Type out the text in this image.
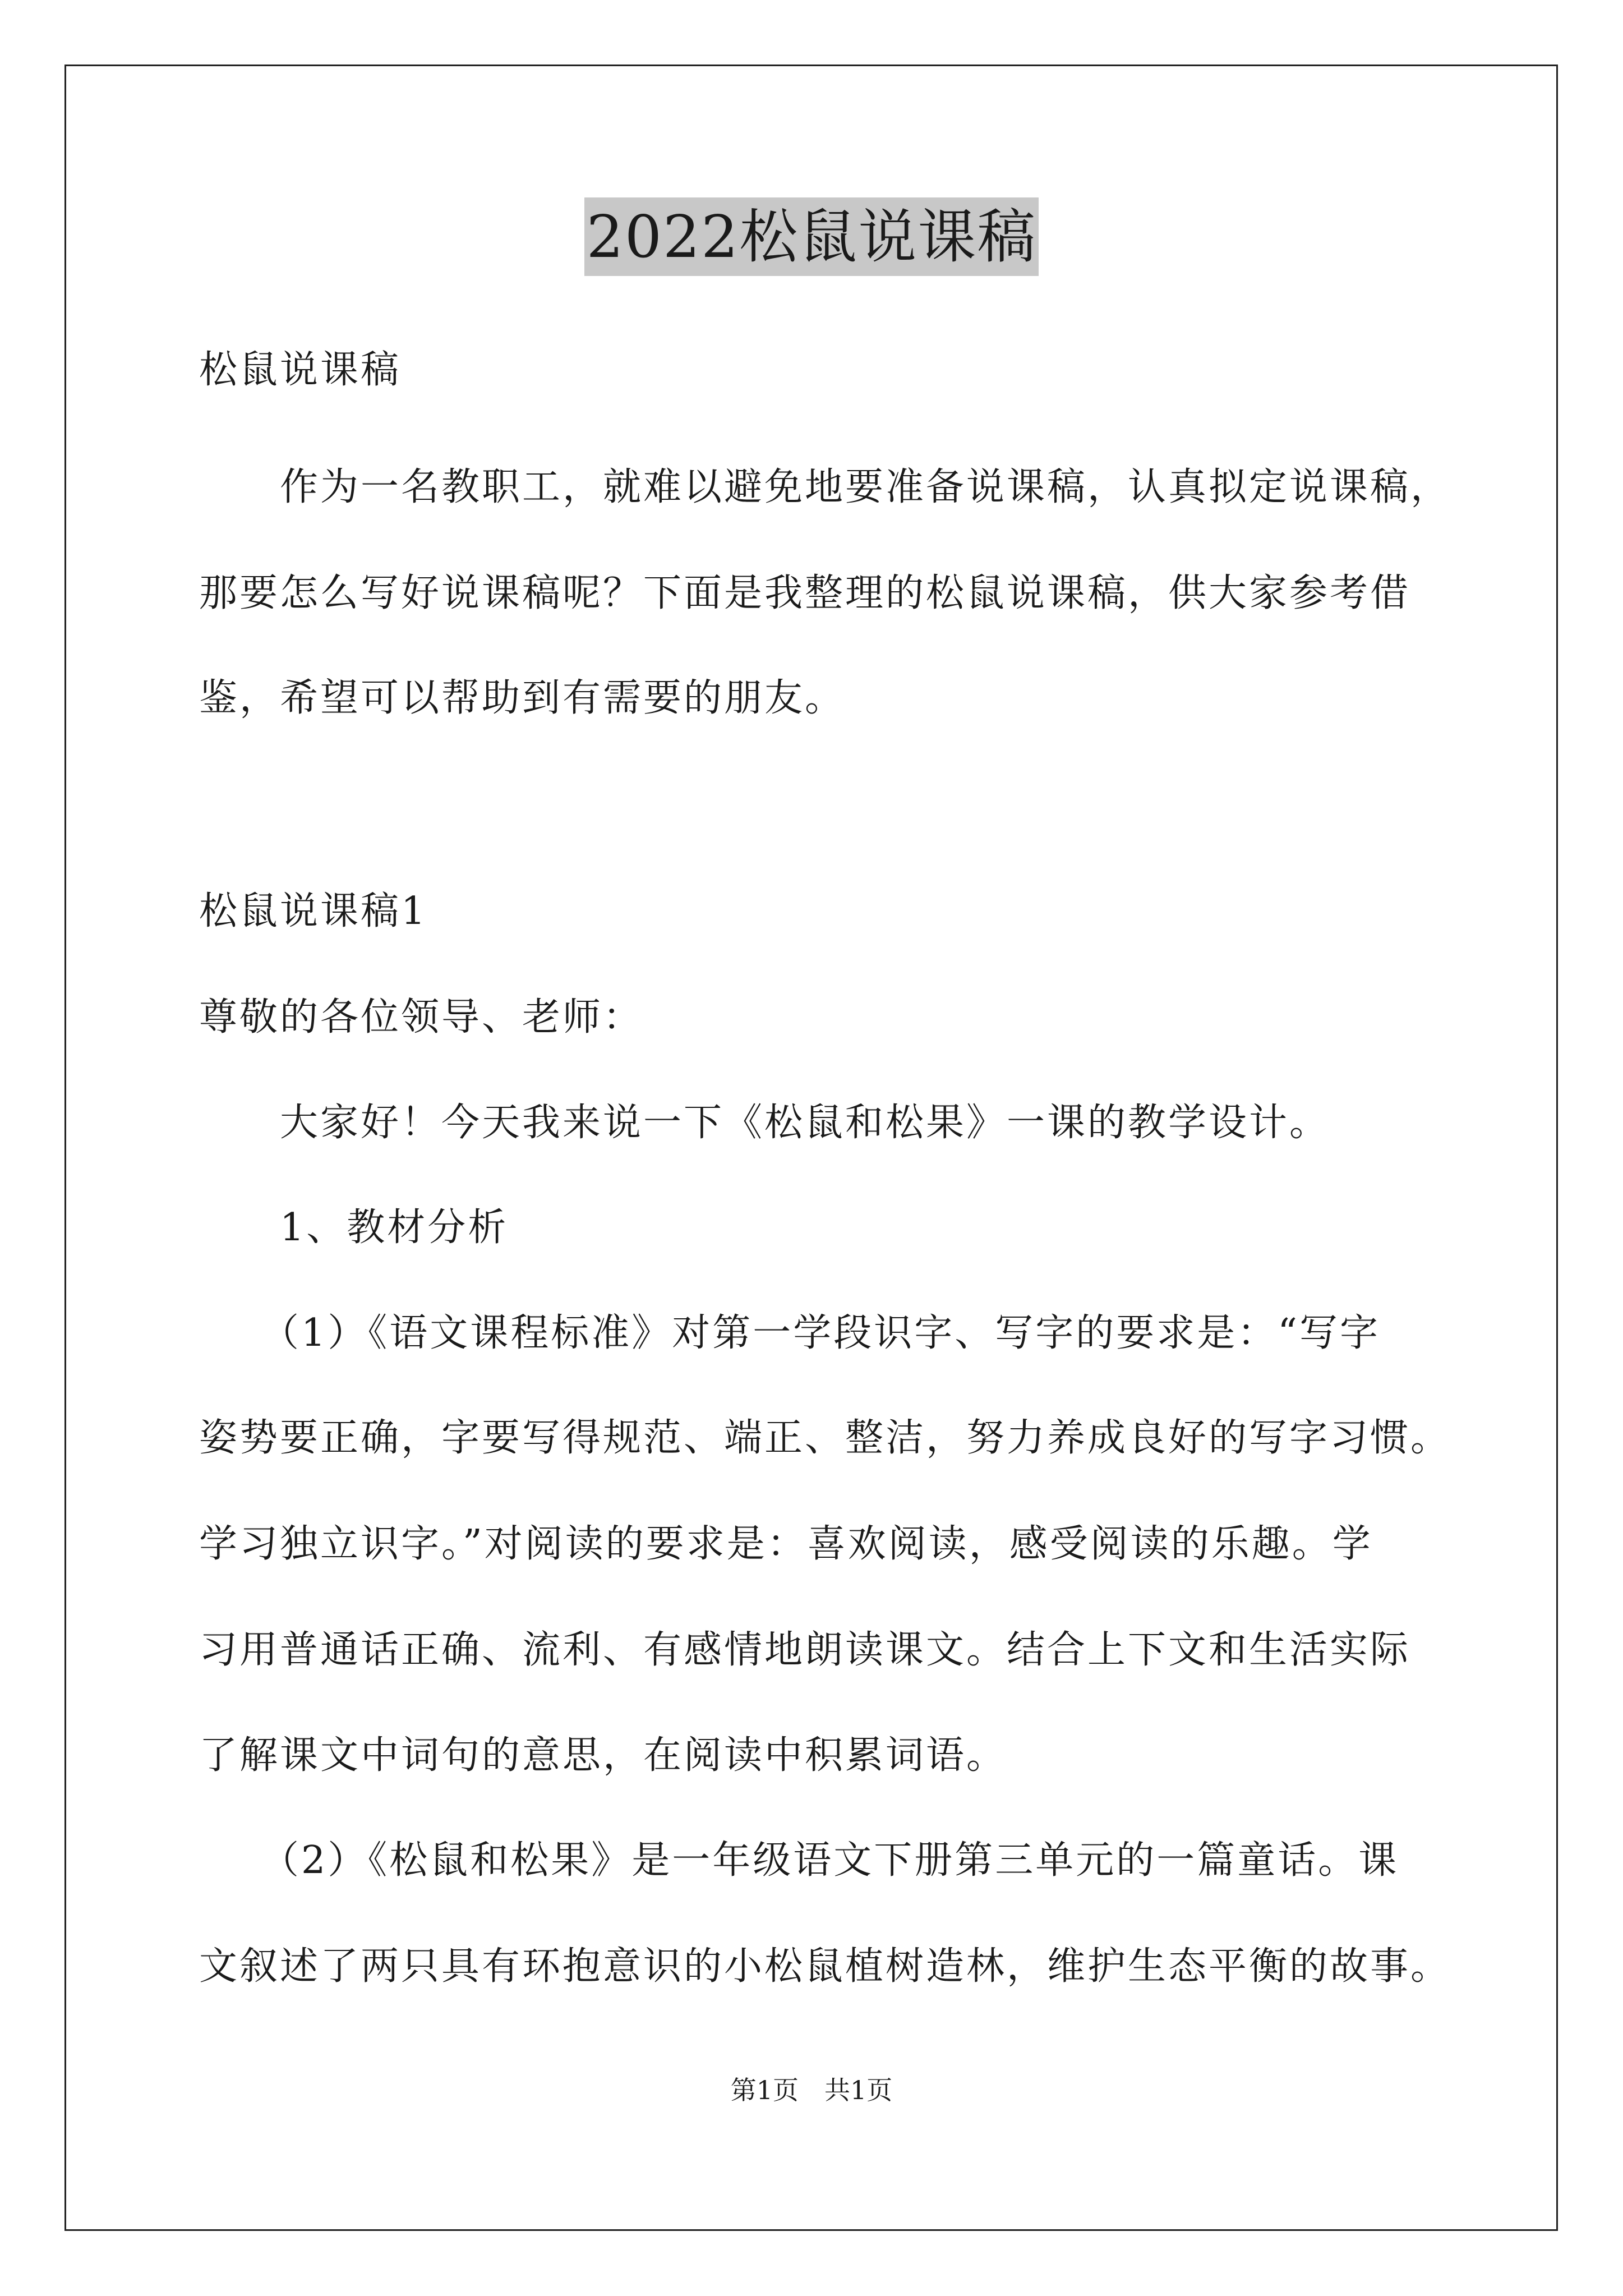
2022松鼠说课稿
松鼠说课稿
　　作为一名教职工，就难以避免地要准备说课稿，认真拟定说课稿，
那要怎么写好说课稿呢？下面是我整理的松鼠说课稿，供大家参考借
鉴，希望可以帮助到有需要的朋友。
松鼠说课稿1
尊敬的各位领导、老师：
　　大家好！今天我来说一下《松鼠和松果》一课的教学设计。
　　1、教材分析
　　（1）《语文课程标准》对第一学段识字、写字的要求是：“写字
姿势要正确，字要写得规范、端正、整洁，努力养成良好的写字习惯。
学习独立识字。”对阅读的要求是：喜欢阅读，感受阅读的乐趣。学
习用普通话正确、流利、有感情地朗读课文。结合上下文和生活实际
了解课文中词句的意思，在阅读中积累词语。
　　（2）《松鼠和松果》是一年级语文下册第三单元的一篇童话。课
文叙述了两只具有环抱意识的小松鼠植树造林，维护生态平衡的故事。
第1页　共1页
